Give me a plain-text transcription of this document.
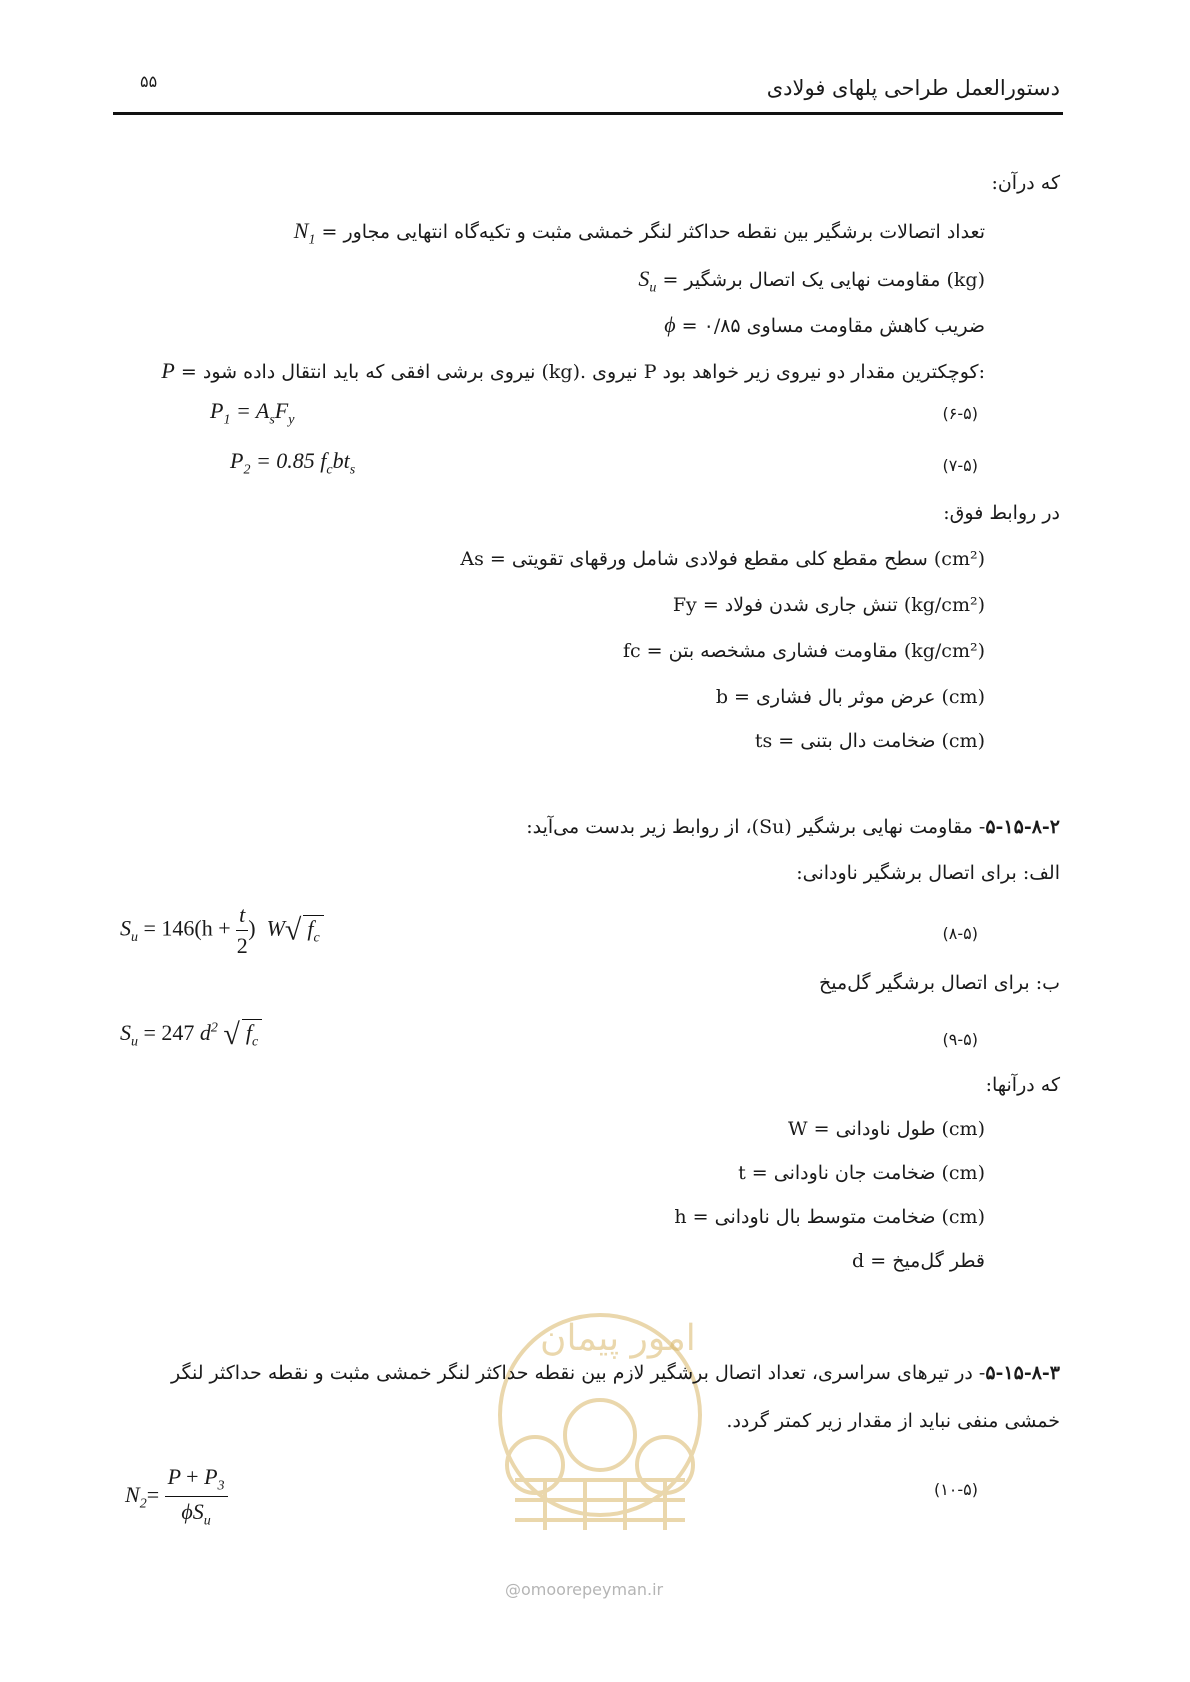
۵۵	دستورالعمل طراحی پلهای فولادی
که درآن:
$N_1$ = تعداد اتصالات برشگیر بین نقطه حداکثر لنگر خمشی مثبت و تکیه‌گاه انتهایی مجاور
$S_u$ = مقاومت نهایی یک اتصال برشگیر (kg)
ϕ = ضریب کاهش مقاومت مساوی ۰/۸۵
P = نیروی برشی افقی که باید انتقال داده شود (kg). نیروی P کوچکترین مقدار دو نیروی زیر خواهد بود:
$P_1 = A_sF_y$	(۶-۵)
$P_2 = 0.85$ $f_cbt_s$	(۷-۵)
در روابط فوق:
As = سطح مقطع کلی مقطع فولادی شامل ورقهای تقویتی (cm²)
Fy = تنش جاری شدن فولاد (kg/cm²)
fc = مقاومت فشاری مشخصه بتن (kg/cm²)
b = عرض موثر بال فشاری (cm)
ts = ضخامت دال بتنی (cm)
۵-۱۵-۸-۲- مقاومت نهایی برشگیر (Su)، از روابط زیر بدست می‌آید:
الف: برای اتصال برشگیر ناودانی:
$S_u = 146(h + \frac{t}{2}$ )  W√ $f_c$	(۸-۵)
ب: برای اتصال برشگیر گل‌میخ
$S_u = 247$ $d^2$ √ $f_c$	(۹-۵)
که درآنها:
W = طول ناودانی (cm)
t = ضخامت جان ناودانی (cm)
h = ضخامت متوسط بال ناودانی (cm)
d = قطر گل‌میخ
امور پیمان
@omoorepeyman.ir
۵-۱۵-۸-۳- در تیرهای سراسری، تعداد اتصال برشگیر لازم بین نقطه حداکثر لنگر خمشی مثبت و نقطه حداکثر لنگر
خمشی منفی نباید از مقدار زیر کمتر گردد.
$N_2= \frac{P + P_3}{\phi S_u}$	(۱۰-۵)
